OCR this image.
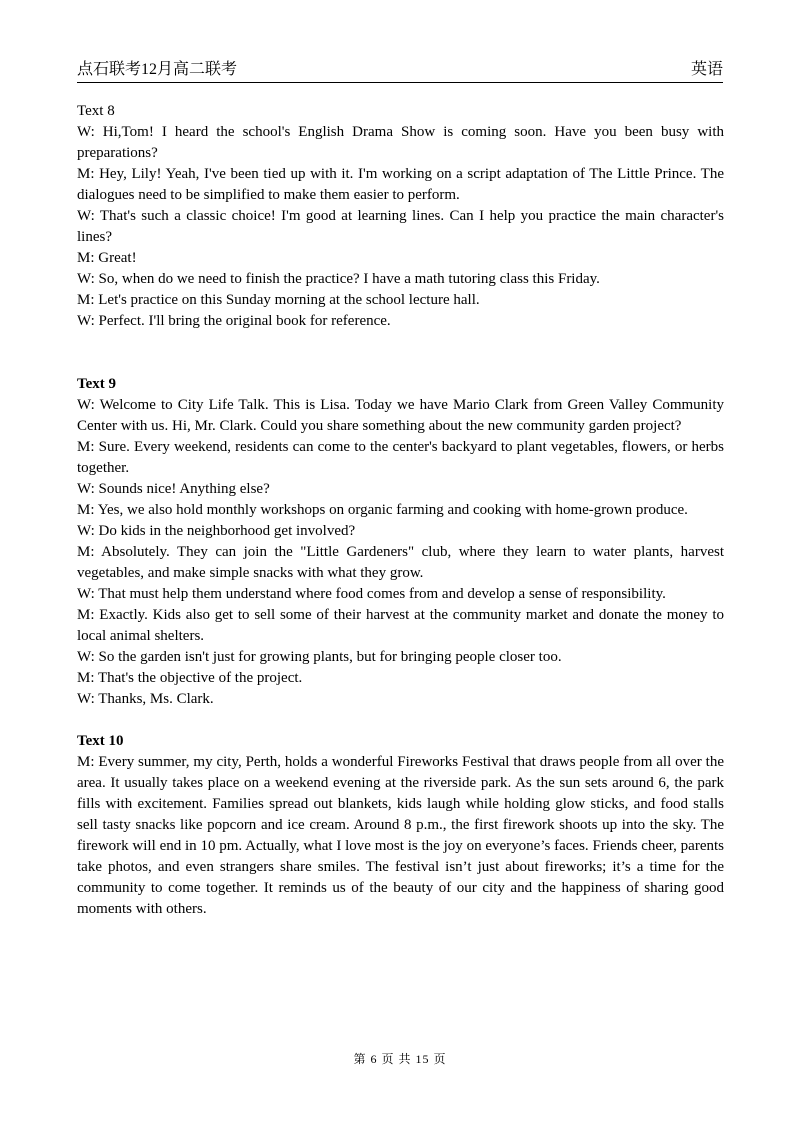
点石联考12月高二联考	英语

Text 8

W: Hi,Tom! I heard the school's English Drama Show is coming soon. Have you been busy with preparations?

M: Hey, Lily! Yeah, I've been tied up with it. I'm working on a script adaptation of The Little Prince. The dialogues need to be simplified to make them easier to perform.

W: That's such a classic choice! I'm good at learning lines. Can I help you practice the main character's lines?

M: Great!

W: So, when do we need to finish the practice? I have a math tutoring class this Friday.

M: Let's practice on this Sunday morning at the school lecture hall.

W: Perfect. I'll bring the original book for reference.

Text 9

W: Welcome to City Life Talk. This is Lisa. Today we have Mario Clark from Green Valley Community Center with us. Hi, Mr. Clark. Could you share something about the new community garden project?

M: Sure. Every weekend, residents can come to the center's backyard to plant vegetables, flowers, or herbs together.

W: Sounds nice! Anything else?

M: Yes, we also hold monthly workshops on organic farming and cooking with home-grown produce.

W: Do kids in the neighborhood get involved?

M: Absolutely. They can join the "Little Gardeners" club, where they learn to water plants, harvest vegetables, and make simple snacks with what they grow.

W: That must help them understand where food comes from and develop a sense of responsibility.

M: Exactly. Kids also get to sell some of their harvest at the community market and donate the money to local animal shelters.

W: So the garden isn't just for growing plants, but for bringing people closer too.

M: That's the objective of the project.

W: Thanks, Ms. Clark.

Text 10

M: Every summer, my city, Perth, holds a wonderful Fireworks Festival that draws people from all over the area. It usually takes place on a weekend evening at the riverside park. As the sun sets around 6, the park fills with excitement. Families spread out blankets, kids laugh while holding glow sticks, and food stalls sell tasty snacks like popcorn and ice cream. Around 8 p.m., the first firework shoots up into the sky. The firework will end in 10 pm. Actually, what I love most is the joy on everyone’s faces. Friends cheer, parents take photos, and even strangers share smiles. The festival isn’t just about fireworks; it’s a time for the community to come together. It reminds us of the beauty of our city and the happiness of sharing good moments with others.

第 6 页 共 15 页
